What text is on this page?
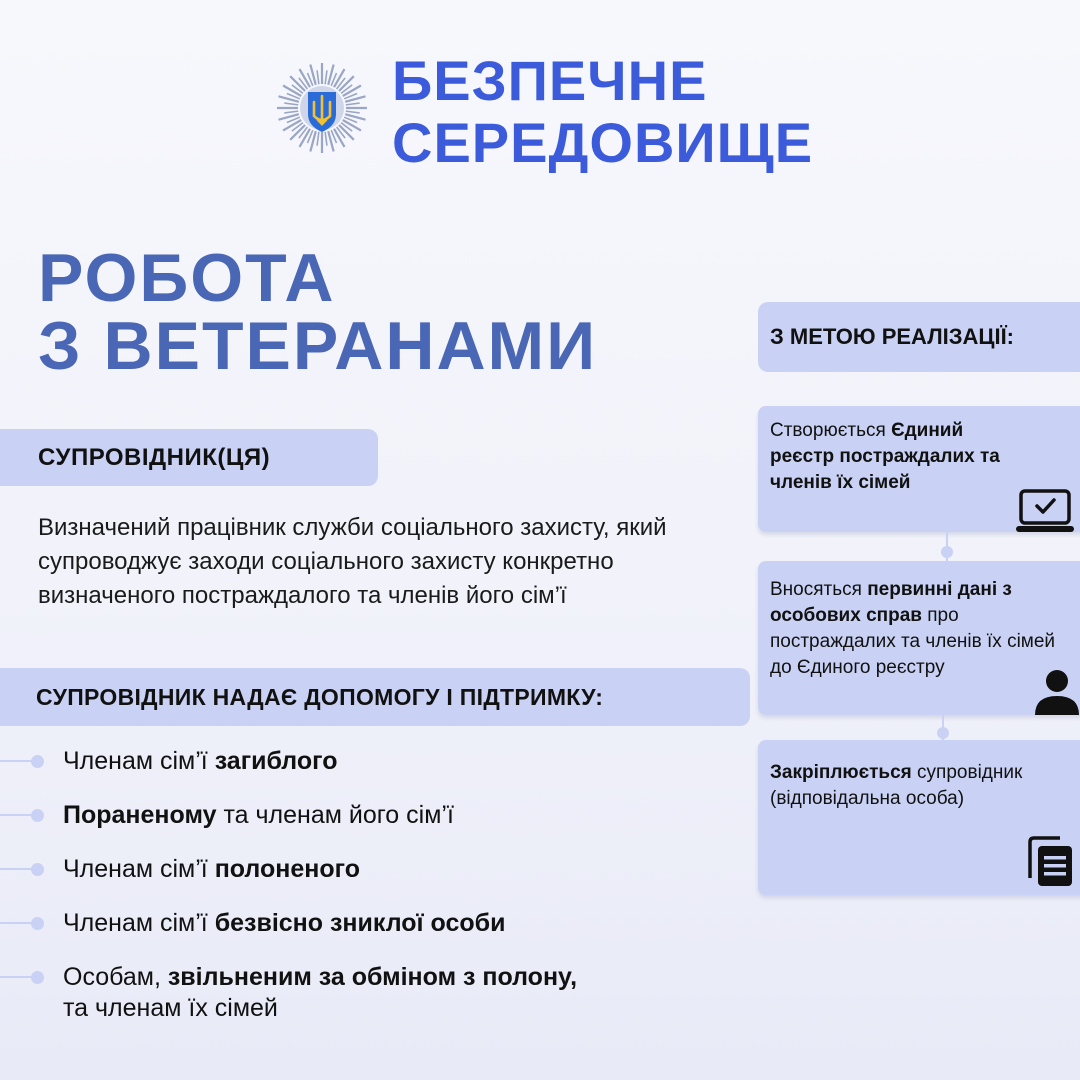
БЕЗПЕЧНЕ
СЕРЕДОВИЩЕ
РОБОТА
З ВЕТЕРАНАМИ
СУПРОВІДНИК(ЦЯ)
Визначений працівник служби соціального захисту, який супроводжує заходи соціального захисту конкретно визначеного постраждалого та членів його сім’ї
СУПРОВІДНИК НАДАЄ ДОПОМОГУ І ПІДТРИМКУ:
Членам сім’ї загиблого
Пораненому та членам його сім’ї
Членам сім’ї полоненого
Членам сім’ї безвісно зниклої особи
Особам, звільненим за обміном з полону,
та членам їх сімей
З МЕТОЮ РЕАЛІЗАЦІЇ:
Створюється Єдиний реєстр постраждалих та членів їх сімей
Вносяться первинні дані з особових справ про постраждалих та членів їх сімей до Єдиного реєстру
Закріплюється супровідник (відповідальна особа)
